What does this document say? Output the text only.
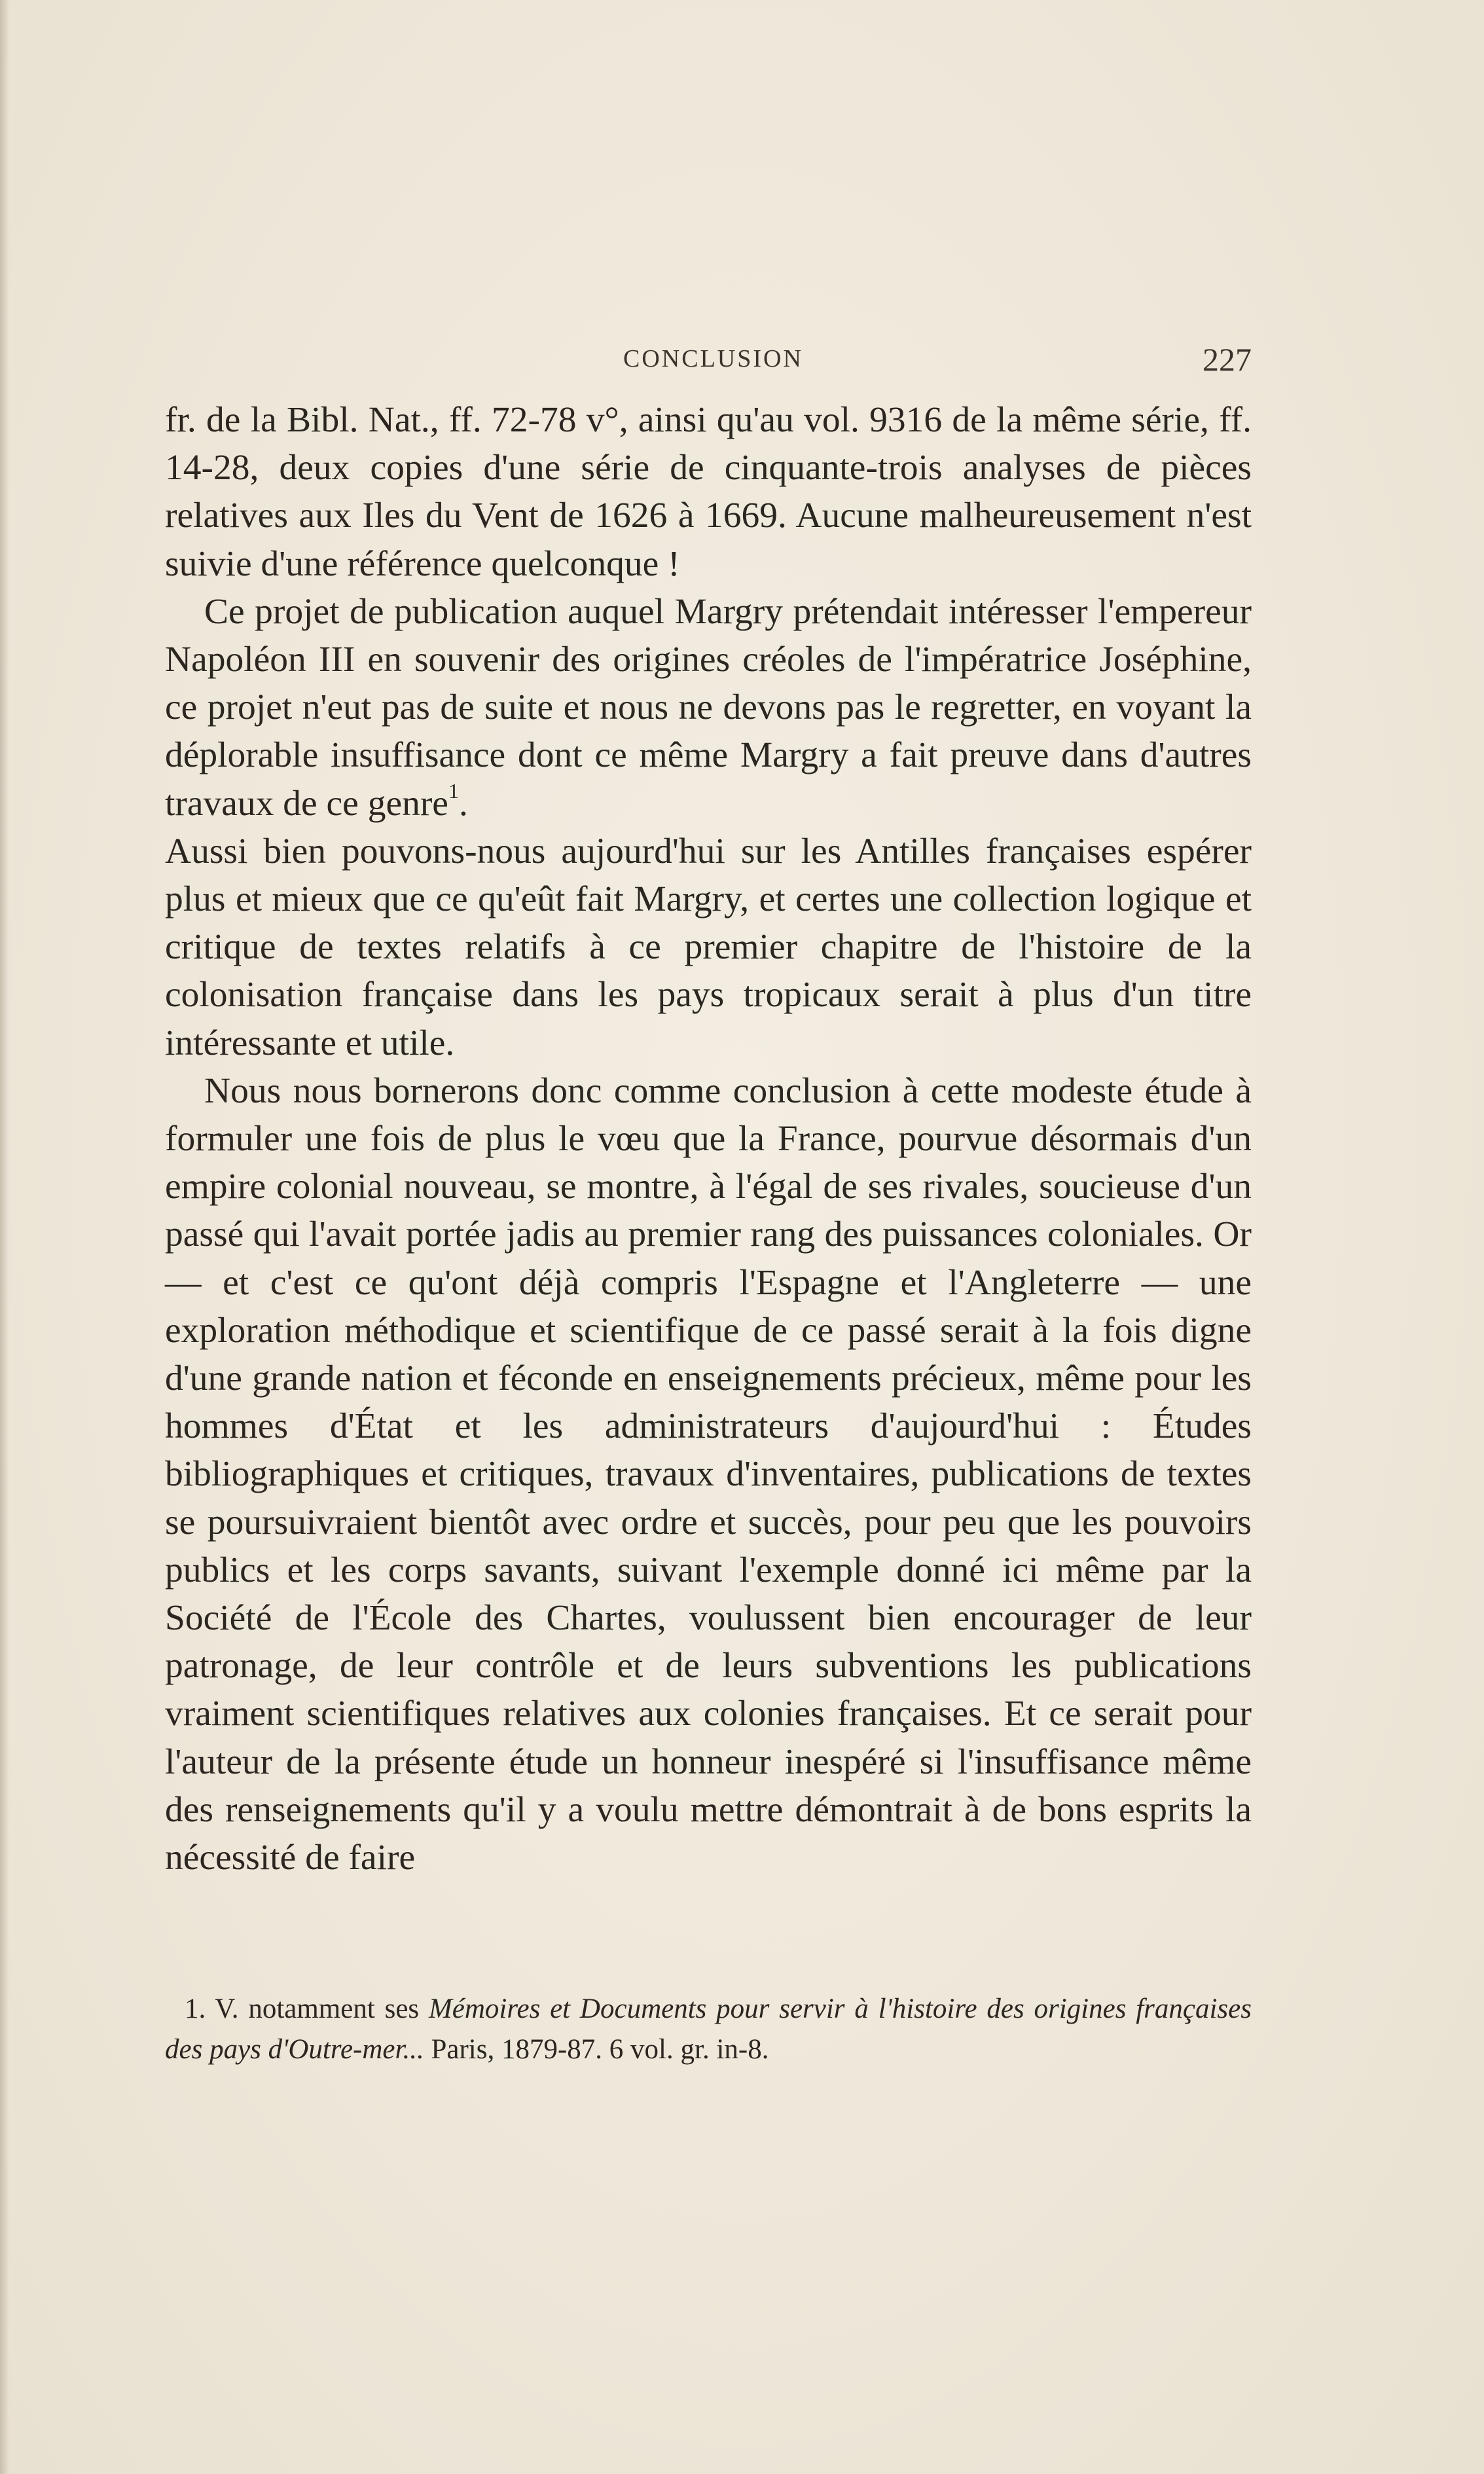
CONCLUSION	227

fr. de la Bibl. Nat., ff. 72-78 v°, ainsi qu'au vol. 9316 de la même série, ff. 14-28, deux copies d'une série de cinquante-trois analyses de pièces relatives aux Iles du Vent de 1626 à 1669. Aucune malheureusement n'est suivie d'une référence quelconque !

Ce projet de publication auquel Margry prétendait intéresser l'empereur Napoléon III en souvenir des origines créoles de l'impératrice Joséphine, ce projet n'eut pas de suite et nous ne devons pas le regretter, en voyant la déplorable insuffisance dont ce même Margry a fait preuve dans d'autres travaux de ce genre$^1$.

Aussi bien pouvons-nous aujourd'hui sur les Antilles françaises espérer plus et mieux que ce qu'eût fait Margry, et certes une collection logique et critique de textes relatifs à ce premier chapitre de l'histoire de la colonisation française dans les pays tropicaux serait à plus d'un titre intéressante et utile.

Nous nous bornerons donc comme conclusion à cette modeste étude à formuler une fois de plus le vœu que la France, pourvue désormais d'un empire colonial nouveau, se montre, à l'égal de ses rivales, soucieuse d'un passé qui l'avait portée jadis au premier rang des puissances coloniales. Or — et c'est ce qu'ont déjà compris l'Espagne et l'Angleterre — une exploration méthodique et scientifique de ce passé serait à la fois digne d'une grande nation et féconde en enseignements précieux, même pour les hommes d'État et les administrateurs d'aujourd'hui : Études bibliographiques et critiques, travaux d'inventaires, publications de textes se poursuivraient bientôt avec ordre et succès, pour peu que les pouvoirs publics et les corps savants, suivant l'exemple donné ici même par la Société de l'École des Chartes, voulussent bien encourager de leur patronage, de leur contrôle et de leurs subventions les publications vraiment scientifiques relatives aux colonies françaises. Et ce serait pour l'auteur de la présente étude un honneur inespéré si l'insuffisance même des renseignements qu'il y a voulu mettre démontrait à de bons esprits la nécessité de faire

1. V. notamment ses Mémoires et Documents pour servir à l'histoire des origines françaises des pays d'Outre-mer... Paris, 1879-87. 6 vol. gr. in-8.
